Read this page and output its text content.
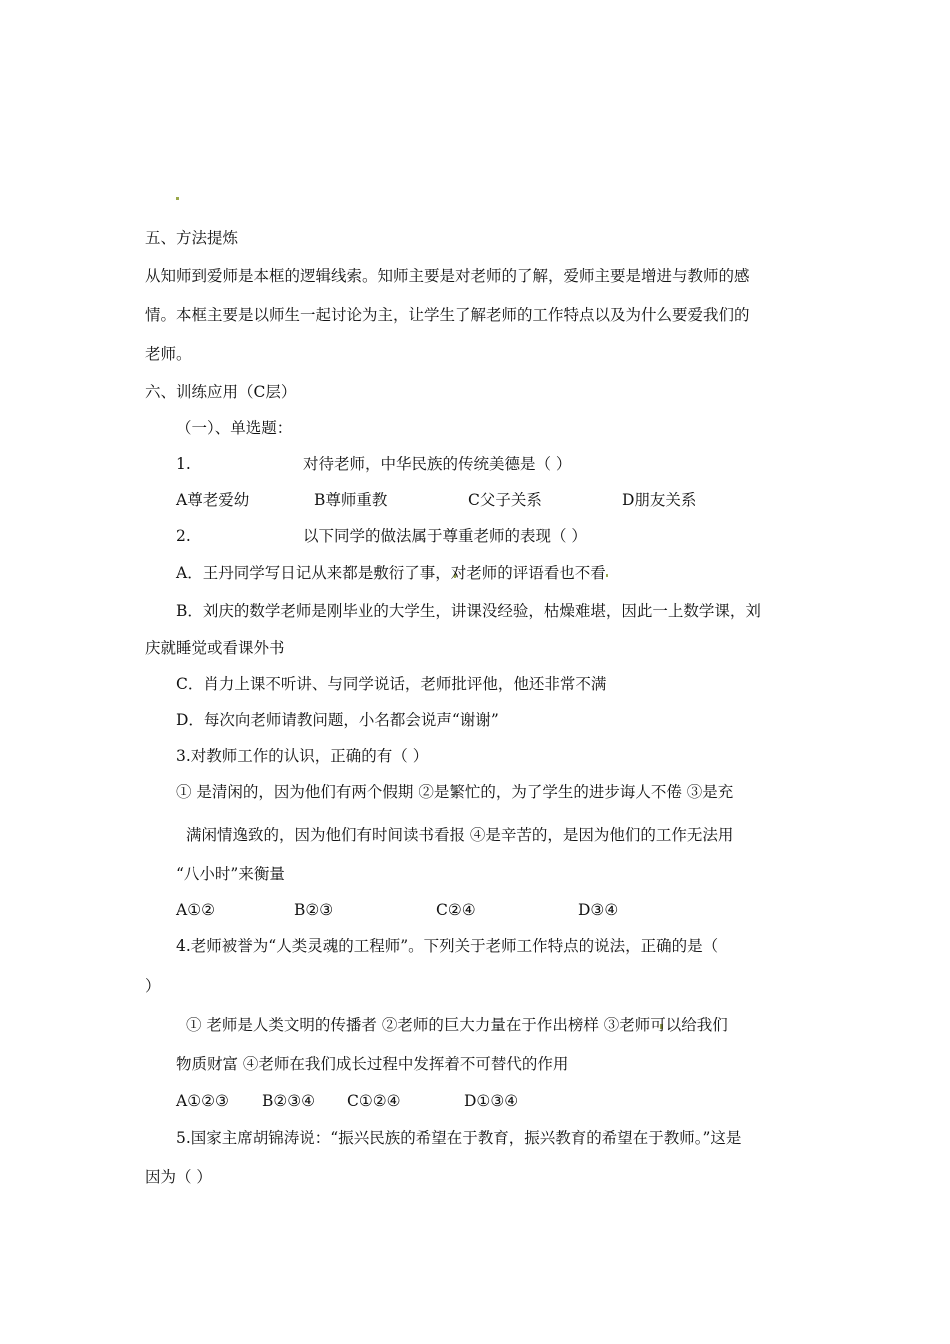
五、方法提炼
从知师到爱师是本框的逻辑线索。知师主要是对老师的了解，爱师主要是增进与教师的感
情。本框主要是以师生一起讨论为主，让学生了解老师的工作特点以及为什么要爱我们的
老师。
六、训练应用（C层）
（一）、单选题：
1.	对待老师，中华民族的传统美德是（ ）
A尊老爱幼	B尊师重教	C父子关系	D朋友关系
2.	以下同学的做法属于尊重老师的表现（ ）
A．王丹同学写日记从来都是敷衍了事，对老师的评语看也不看
B．刘庆的数学老师是刚毕业的大学生，讲课没经验，枯燥难堪，因此一上数学课，刘
庆就睡觉或看课外书
C．肖力上课不听讲、与同学说话，老师批评他，他还非常不满
D．每次向老师请教问题，小名都会说声“谢谢”
3.对教师工作的认识，正确的有（ ）
① 是清闲的，因为他们有两个假期 ②是繁忙的，为了学生的进步诲人不倦 ③是充
满闲情逸致的，因为他们有时间读书看报 ④是辛苦的，是因为他们的工作无法用
“八小时”来衡量
A①②	B②③	C②④	D③④
4.老师被誉为“人类灵魂的工程师”。下列关于老师工作特点的说法，正确的是（
）
① 老师是人类文明的传播者 ②老师的巨大力量在于作出榜样 ③老师可以给我们
物质财富 ④老师在我们成长过程中发挥着不可替代的作用
A①②③ B②③④ C①②④	D①③④
5.国家主席胡锦涛说：“振兴民族的希望在于教育，振兴教育的希望在于教师。”这是
因为（ ）
